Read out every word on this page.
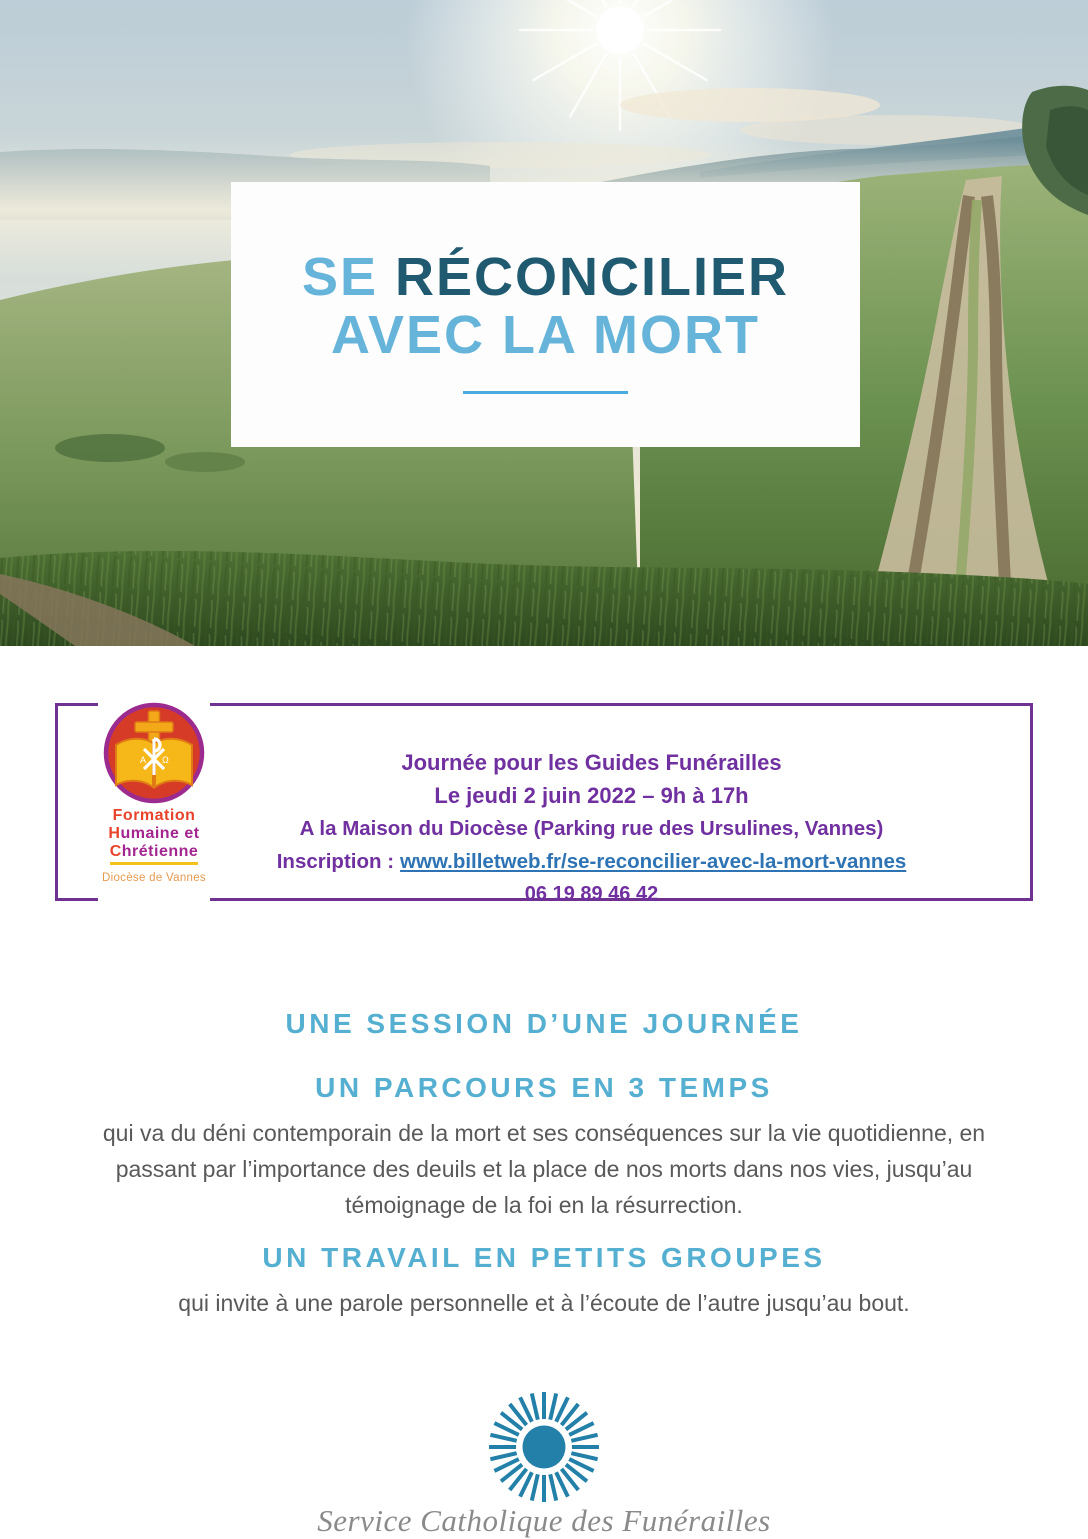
SE RÉCONCILIER
AVEC LA MORT
A Ω
Formation
Humaine et
Chrétienne
Diocèse de Vannes
Journée pour les Guides Funérailles
Le jeudi 2 juin 2022 – 9h à 17h
A la Maison du Diocèse (Parking rue des Ursulines, Vannes)
Inscription : www.billetweb.fr/se-reconcilier-avec-la-mort-vannes
06 19 89 46 42
UNE SESSION D’UNE JOURNÉE
UN PARCOURS EN 3 TEMPS

qui va du déni contemporain de la mort et ses conséquences sur la vie quotidienne, en passant par l’importance des deuils et la place de nos morts dans nos vies, jusqu’au témoignage de la foi en la résurrection.

UN TRAVAIL EN PETITS GROUPES

qui invite à une parole personnelle et à l’écoute de l’autre jusqu’au bout.

Service Catholique des Funérailles
